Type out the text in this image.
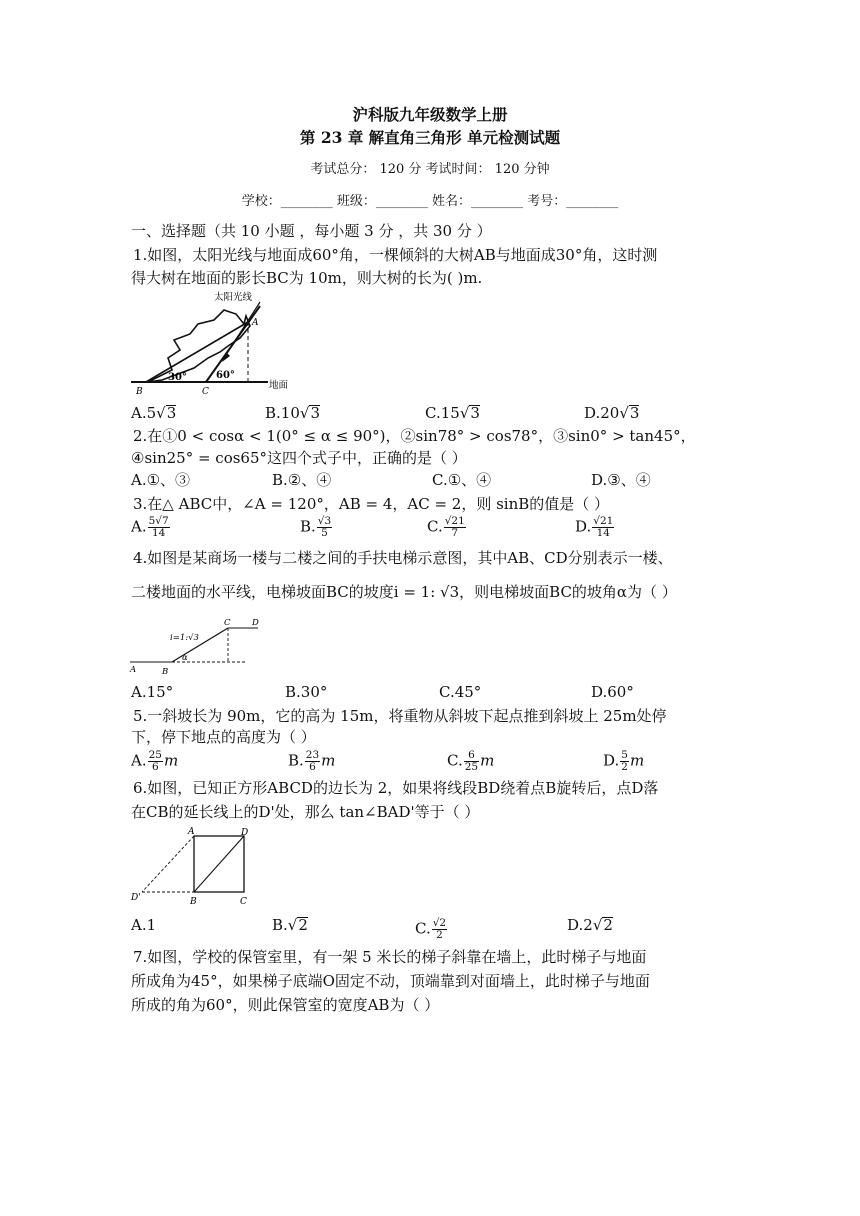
沪科版九年级数学上册
第 23 章 解直角三角形 单元检测试题
考试总分： 120 分 考试时间： 120 分钟
学校：________ 班级：________ 姓名：________ 考号：________
一、选择题（共 10 小题 ，每小题 3 分 ，共 30 分 ）
1.如图，太阳光线与地面成60°角，一棵倾斜的大树AB与地面成30°角，这时测
得大树在地面的影长BC为 10m，则大树的长为( )m.
太阳光线
A
30°	60°
地面
B	C
A.5√3	B.10√3	C.15√3	D.20√3
2.在①0 < cosα < 1(0° ≤ α ≤ 90°)，②sin78° > cos78°，③sin0° > tan45°，
④sin25° = cos65°这四个式子中，正确的是（ ）
A.①、③	B.②、④	C.①、④	D.③、④
3.在△ ABC中，∠A = 120°，AB = 4，AC = 2，则 sinB的值是（ ）
A. $\frac{5√7}{14}$	B. $\frac{√3}{5}$	C. $\frac{√21}{7}$	D. $\frac{√21}{14}$
4.如图是某商场一楼与二楼之间的手扶电梯示意图，其中AB、CD分别表示一楼、
二楼地面的水平线，电梯坡面BC的坡度i = 1: √3，则电梯坡面BC的坡角α为（ ）
i=1:√3
α
A	B
C	D
A.15°	B.30°	C.45°	D.60°
5.一斜坡长为 90m，它的高为 15m，将重物从斜坡下起点推到斜坡上 25m处停
下，停下地点的高度为（ ）
A. $\frac{25}{6}$ m	B. $\frac{23}{6}$ m	C. $\frac{6}{25}$ m	D. $\frac{5}{2}$ m
6.如图，已知正方形ABCD的边长为 2，如果将线段BD绕着点B旋转后，点D落
在CB的延长线上的D'处，那么 tan∠BAD'等于（ ）
A	D
B	C
D'
A.1	B.√2	C. $\frac{√2}{2}$	D.2√2
7.如图，学校的保管室里，有一架 5 米长的梯子斜靠在墙上，此时梯子与地面
所成角为45°，如果梯子底端O固定不动，顶端靠到对面墙上，此时梯子与地面
所成的角为60°，则此保管室的宽度AB为（ ）
